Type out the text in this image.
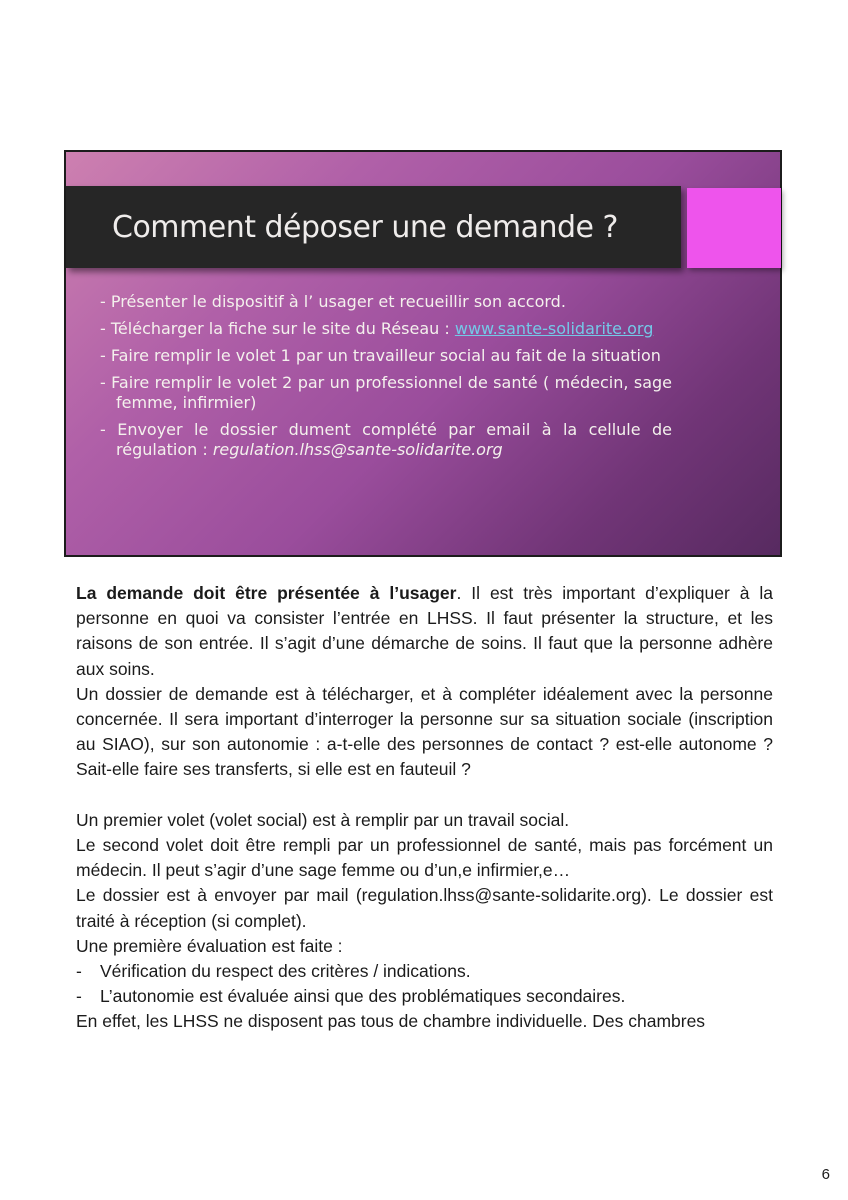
Comment déposer une demande ?
- Présenter le dispositif à l’ usager et recueillir son accord.
- Télécharger la fiche sur le site du Réseau : www.sante-solidarite.org
- Faire remplir le volet 1 par un travailleur social au fait de la situation
- Faire remplir le volet 2 par un professionnel de santé ( médecin, sage femme, infirmier)
- Envoyer le dossier dument complété par email à la cellule de régulation : regulation.lhss@sante-solidarite.org

La demande doit être présentée à l’usager. Il est très important d’expliquer à la personne en quoi va consister l’entrée en LHSS. Il faut présenter la structure, et les raisons de son entrée. Il s’agit d’une démarche de soins. Il faut que la personne adhère aux soins.

Un dossier de demande est à télécharger, et à compléter idéalement avec la personne concernée. Il sera important d’interroger la personne sur sa situation sociale (inscription au SIAO), sur son autonomie : a-t-elle des personnes de contact ? est-elle autonome ? Sait-elle faire ses transferts, si elle est en fauteuil ?

Un premier volet (volet social) est à remplir par un travail social.

Le second volet doit être rempli par un professionnel de santé, mais pas forcément un médecin. Il peut s’agir d’une sage femme ou d’un,e infirmier,e…

Le dossier est à envoyer par mail (regulation.lhss@sante-solidarite.org). Le dossier est traité à réception (si complet).

Une première évaluation est faite :

-	Vérification du respect des critères / indications.
-	L’autonomie est évaluée ainsi que des problématiques secondaires.

En effet, les LHSS ne disposent pas tous de chambre individuelle. Des chambres

6
